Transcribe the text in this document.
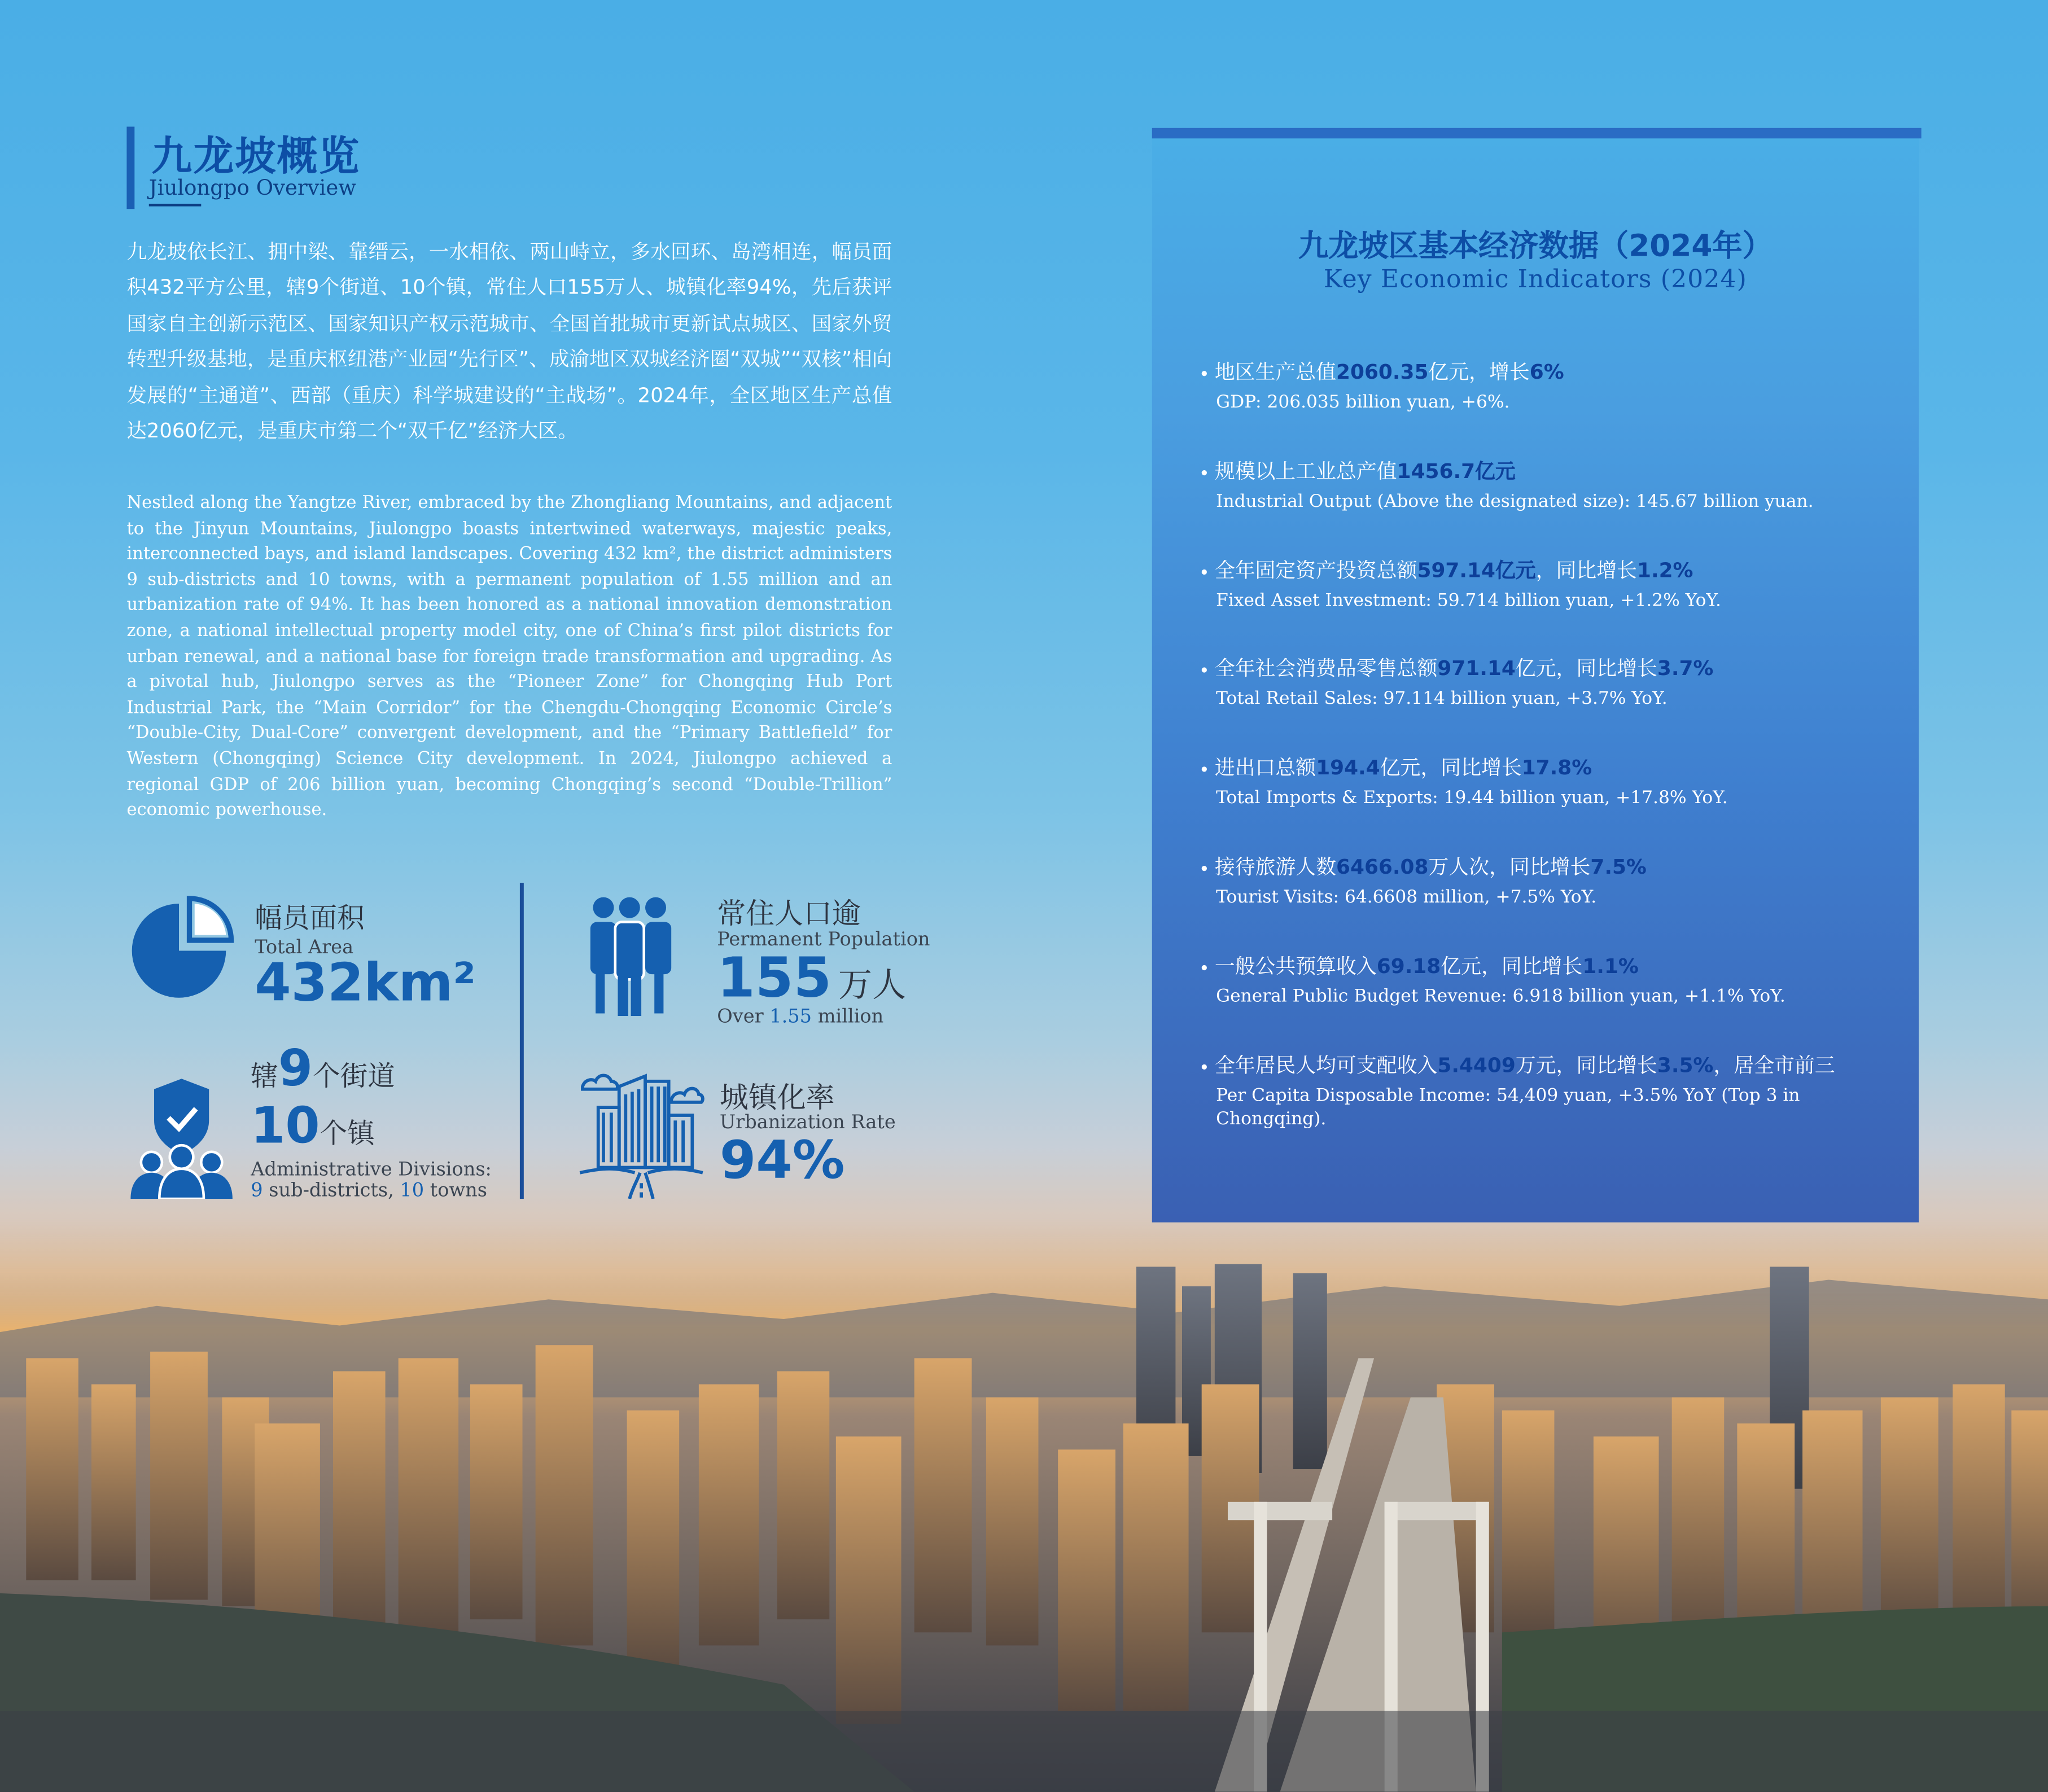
九龙坡概览
Jiulongpo Overview
九龙坡依长江、拥中梁、靠缙云，一水相依、两山峙立，多水回环、岛湾相连，幅员面积432平方公里，辖9个街道、10个镇，常住人口155万人、城镇化率94%，先后获评国家自主创新示范区、国家知识产权示范城市、全国首批城市更新试点城区、国家外贸转型升级基地，是重庆枢纽港产业园“先行区”、成渝地区双城经济圈“双城”“双核”相向发展的“主通道”、西部（重庆）科学城建设的“主战场”。2024年，全区地区生产总值达2060亿元，是重庆市第二个“双千亿”经济大区。
Nestled along the Yangtze River, embraced by the Zhongliang Mountains, and adjacent to the Jinyun Mountains, Jiulongpo boasts intertwined waterways, majestic peaks, interconnected bays, and island landscapes. Covering 432 km², the district administers 9 sub-districts and 10 towns, with a permanent population of 1.55 million and an urbanization rate of 94%. It has been honored as a national innovation demonstration zone, a national intellectual property model city, one of China’s first pilot districts for urban renewal, and a national base for foreign trade transformation and upgrading. As a pivotal hub, Jiulongpo serves as the “Pioneer Zone” for Chongqing Hub Port Industrial Park, the “Main Corridor” for the Chengdu-Chongqing Economic Circle’s “Double-City, Dual-Core” convergent development, and the “Primary Battlefield” for Western (Chongqing) Science City development. In 2024, Jiulongpo achieved a regional GDP of 206 billion yuan, becoming Chongqing’s second “Double-Trillion” economic powerhouse.
幅员面积
Total Area
432km²
辖9个街道
10个镇
Administrative Divisions:
9 sub-districts, 10 towns
常住人口逾
Permanent Population
155 万人
Over 1.55 million
城镇化率
Urbanization Rate
94%
九龙坡区基本经济数据（2024年）
Key Economic Indicators (2024)
地区生产总值2060.35亿元，增长6%
GDP: 206.035 billion yuan, +6%.
规模以上工业总产值1456.7亿元
Industrial Output (Above the designated size): 145.67 billion yuan.
全年固定资产投资总额597.14亿元，同比增长1.2%
Fixed Asset Investment: 59.714 billion yuan, +1.2% YoY.
全年社会消费品零售总额971.14亿元，同比增长3.7%
Total Retail Sales: 97.114 billion yuan, +3.7% YoY.
进出口总额194.4亿元，同比增长17.8%
Total Imports & Exports: 19.44 billion yuan, +17.8% YoY.
接待旅游人数6466.08万人次，同比增长7.5%
Tourist Visits: 64.6608 million, +7.5% YoY.
一般公共预算收入69.18亿元，同比增长1.1%
General Public Budget Revenue: 6.918 billion yuan, +1.1% YoY.
全年居民人均可支配收入5.4409万元，同比增长3.5%，居全市前三
Per Capita Disposable Income: 54,409 yuan, +3.5% YoY (Top 3 in Chongqing).
